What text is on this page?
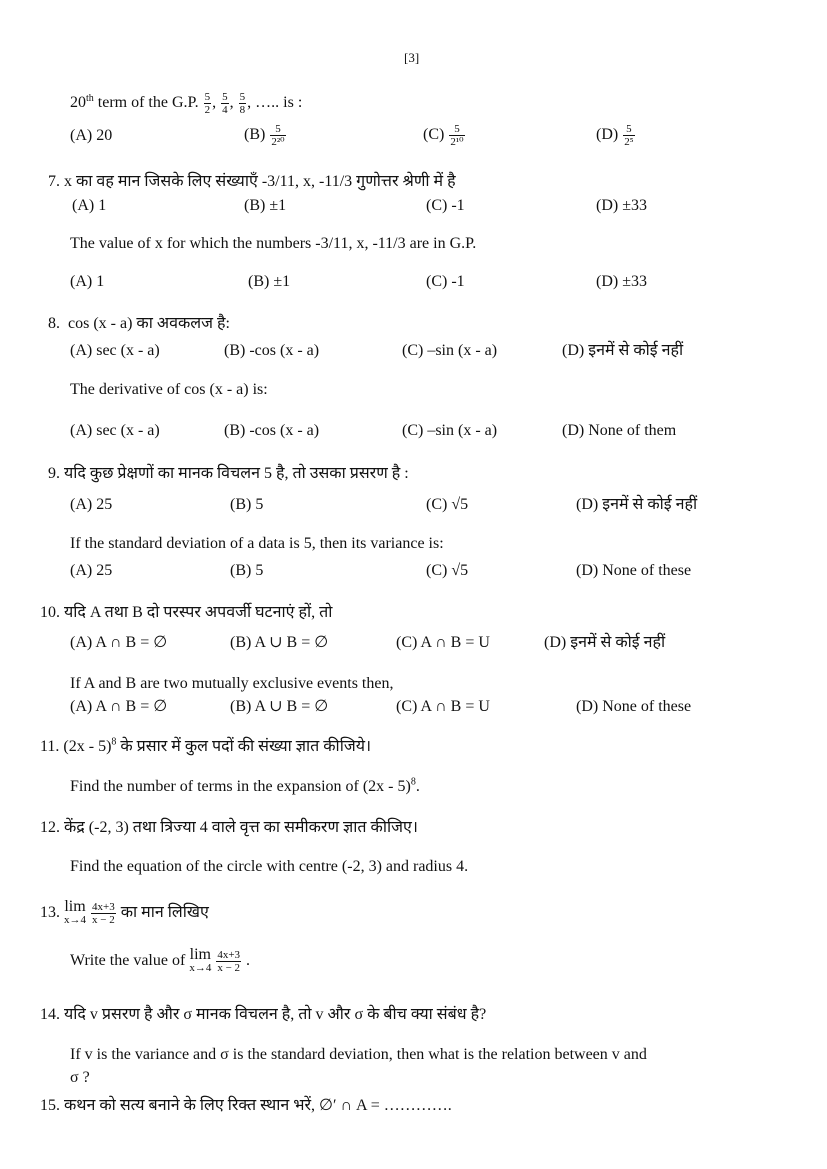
[3]
20th term of the G.P. $\frac{5}{2}$ , $\frac{5}{4}$ , $\frac{5}{8}$ , ….. is :
(A) 20	$(B) \frac{5}{\text{2²⁰}}$	$(C) \frac{5}{\text{2¹⁰}}$	$(D) \frac{5}{\text{2⁵}}$
7. x का वह मान जिसके लिए संख्याएँ -3/11, x, -11/3 गुणोत्तर श्रेणी में है
(A) 1	(B) ±1	(C) -1	(D) ±33
The value of x for which the numbers -3/11, x, -11/3 are in G.P.
(A) 1	(B) ±1	(C) -1	(D) ±33
8. cos (x - a) का अवकलज है:
(A) sec (x - a)	(B) -cos (x - a)	(C) –sin (x - a)	(D) इनमें से कोई नहीं
The derivative of cos (x - a) is:
(A) sec (x - a)	(B) -cos (x - a)	(C) –sin (x - a)	(D) None of them
9. यदि कुछ प्रेक्षणों का मानक विचलन 5 है, तो उसका प्रसरण है :
(A) 25	(B) 5	(C) √5	(D) इनमें से कोई नहीं
If the standard deviation of a data is 5, then its variance is:
(A) 25	(B) 5	(C) √5	(D) None of these
10. यदि A तथा B दो परस्पर अपवर्जी घटनाएं हों, तो
(A) A ∩ B = ∅	(B) A ∪ B = ∅	(C) A ∩ B = U	(D) इनमें से कोई नहीं
If A and B are two mutually exclusive events then,
(A) A ∩ B = ∅	(B) A ∪ B = ∅	(C) A ∩ B = U	(D) None of these
11. (2x - 5)$^8$ के प्रसार में कुल पदों की संख्या ज्ञात कीजिये।
Find the number of terms in the expansion of (2x - 5)$^8$.
12. केंद्र (-2, 3) तथा त्रिज्या 4 वाले वृत्त का समीकरण ज्ञात कीजिए।
Find the equation of the circle with centre (-2, 3) and radius 4.
13. lim
x→4
$\frac{4x+3}{x - 2}$ का मान लिखिए
Write the value of lim
x→4
$\frac{4x+3}{x - 2}$ .
14. यदि v प्रसरण है और σ मानक विचलन है, तो v और σ के बीच क्या संबंध है?
If v is the variance and σ is the standard deviation, then what is the relation between v and
σ ?
15. कथन को सत्य बनाने के लिए रिक्त स्थान भरें, ∅′ ∩ A = ………….
